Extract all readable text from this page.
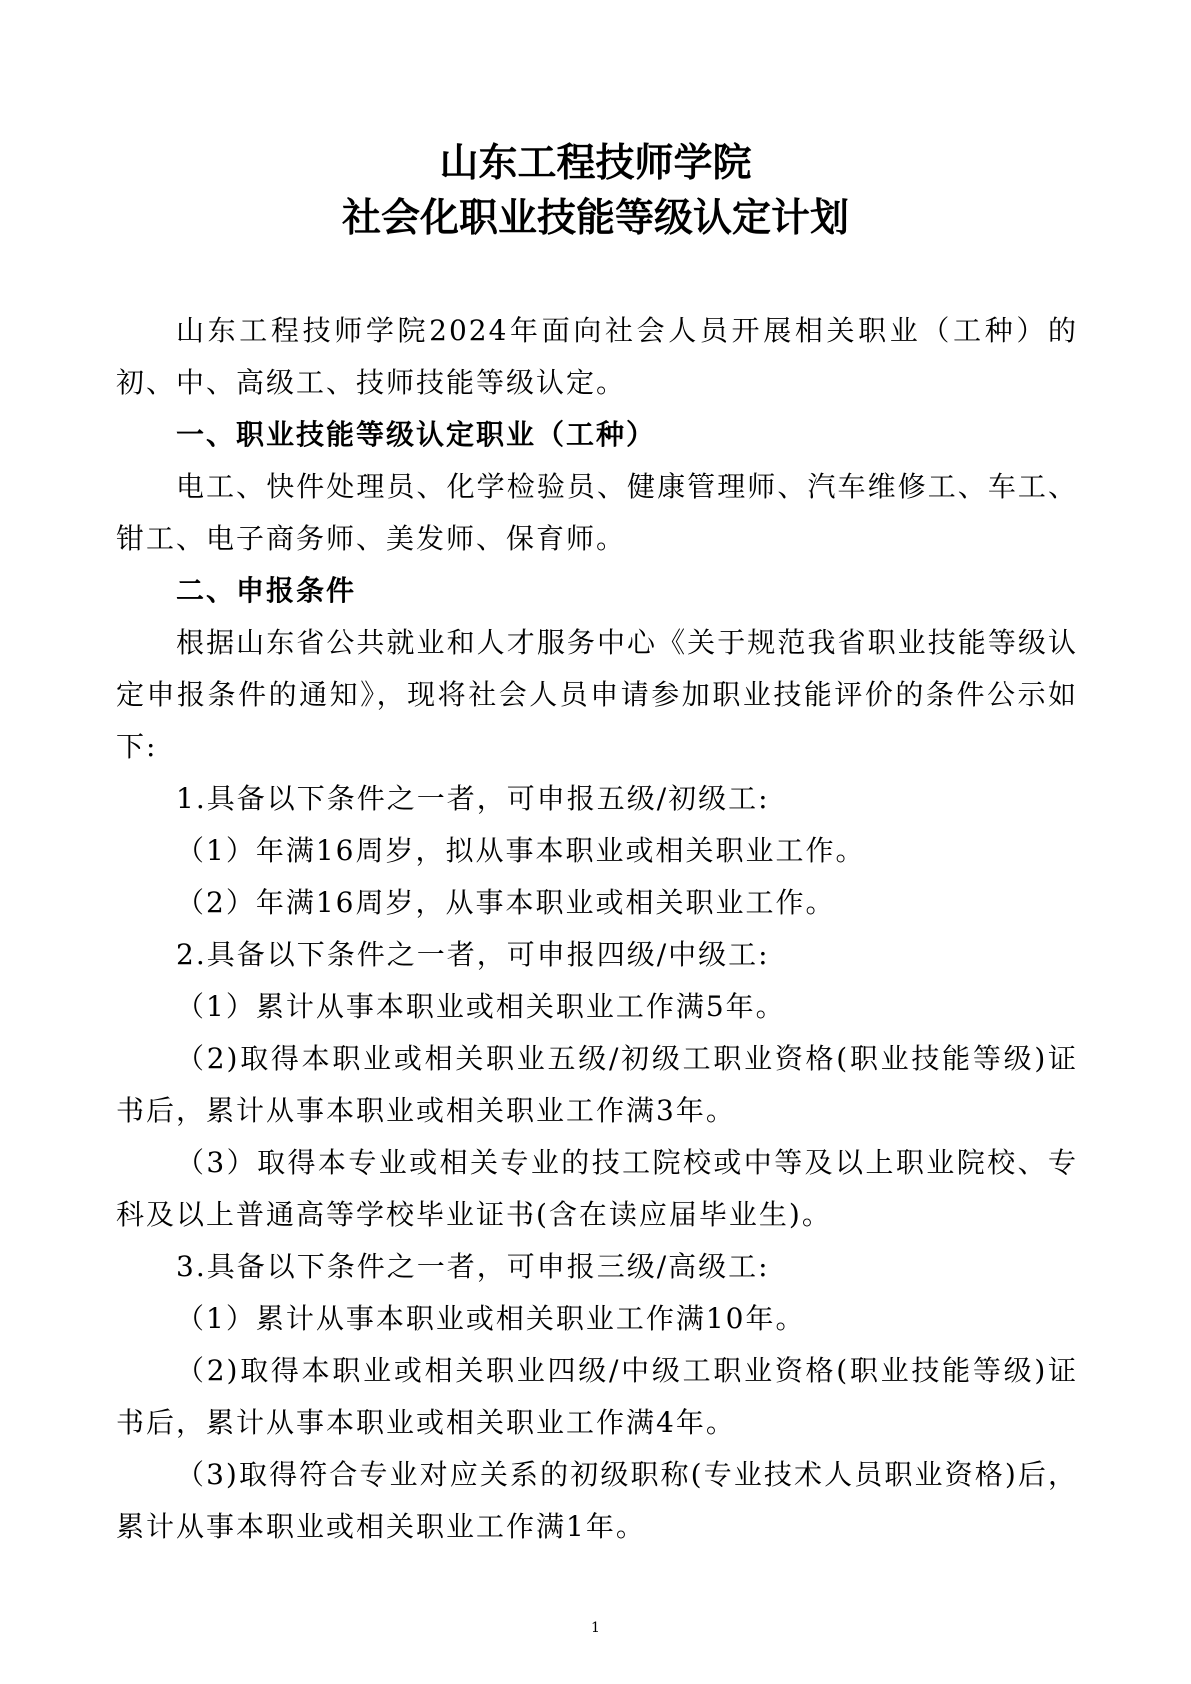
山东工程技师学院
社会化职业技能等级认定计划

山东工程技师学院2024年面向社会人员开展相关职业（工种）的初、中、高级工、技师技能等级认定。

一、职业技能等级认定职业（工种）

电工、快件处理员、化学检验员、健康管理师、汽车维修工、车工、钳工、电子商务师、美发师、保育师。

二、申报条件

根据山东省公共就业和人才服务中心《关于规范我省职业技能等级认定申报条件的通知》，现将社会人员申请参加职业技能评价的条件公示如下:

1.具备以下条件之一者，可申报五级/初级工:

（1）年满16周岁，拟从事本职业或相关职业工作。

（2）年满16周岁，从事本职业或相关职业工作。

2.具备以下条件之一者，可申报四级/中级工:

（1）累计从事本职业或相关职业工作满5年。

（2)取得本职业或相关职业五级/初级工职业资格(职业技能等级)证书后，累计从事本职业或相关职业工作满3年。

（3）取得本专业或相关专业的技工院校或中等及以上职业院校、专科及以上普通高等学校毕业证书(含在读应届毕业生)。

3.具备以下条件之一者，可申报三级/高级工:

（1）累计从事本职业或相关职业工作满10年。

（2)取得本职业或相关职业四级/中级工职业资格(职业技能等级)证书后，累计从事本职业或相关职业工作满4年。

（3)取得符合专业对应关系的初级职称(专业技术人员职业资格)后，累计从事本职业或相关职业工作满1年。

1
